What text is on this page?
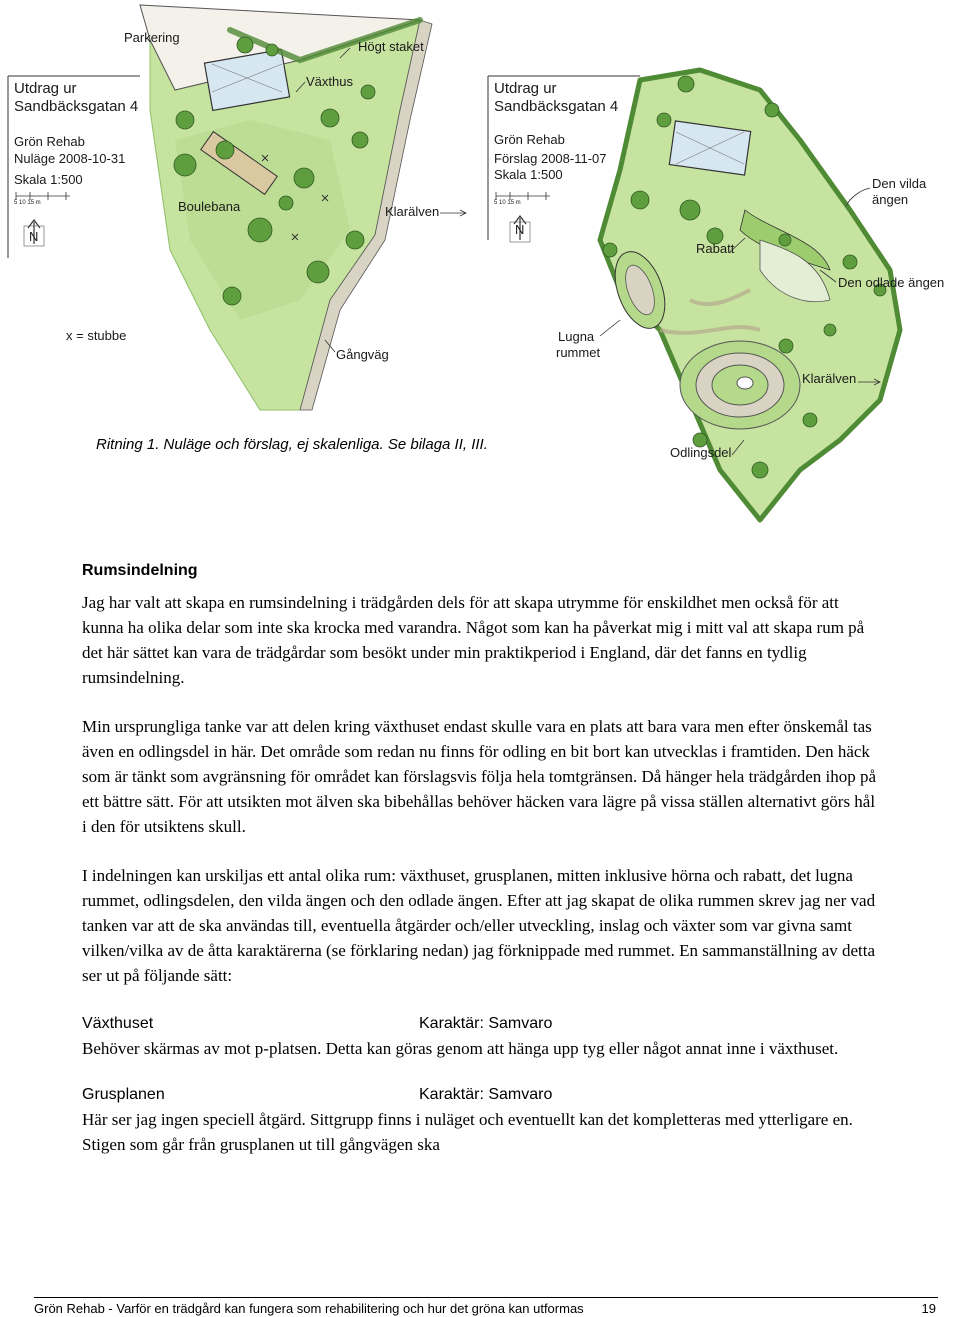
Parkering
Högt staket
Växthus
Utdrag ur
Sandbäcksgatan 4
Grön Rehab
Nuläge 2008-10-31
Skala 1:500
5 10 15 m
N
Boulebana	Klarälven
x = stubbe
Gångväg
Utdrag ur
Sandbäcksgatan 4
Grön Rehab
Förslag 2008-11-07
Skala 1:500
5 10 15 m
N
Den vilda
ängen
Rabatt
Den odlade ängen
Lugna
rummet
Klarälven
Odlingsdel
Ritning 1. Nuläge och förslag, ej skalenliga. Se bilaga II, III.
Rumsindelning

Jag har valt att skapa en rumsindelning i trädgården dels för att skapa utrymme för enskildhet men också för att kunna ha olika delar som inte ska krocka med varandra. Något som kan ha påverkat mig i mitt val att skapa rum på det här sättet kan vara de trädgårdar som besökt under min praktikperiod i England, där det fanns en tydlig rumsindelning.

Min ursprungliga tanke var att delen kring växthuset endast skulle vara en plats att bara vara men efter önskemål tas även en odlingsdel in här. Det område som redan nu finns för odling en bit bort kan utvecklas i framtiden. Den häck som är tänkt som avgränsning för området kan förslagsvis följa hela tomtgränsen. Då hänger hela trädgården ihop på ett bättre sätt. För att utsikten mot älven ska bibehållas behöver häcken vara lägre på vissa ställen alternativt görs hål i den för utsiktens skull.

I indelningen kan urskiljas ett antal olika rum: växthuset, grusplanen, mitten inklusive hörna och rabatt, det lugna rummet, odlingsdelen, den vilda ängen och den odlade ängen. Efter att jag skapat de olika rummen skrev jag ner vad tanken var att de ska användas till, eventuella åtgärder och/eller utveckling, inslag och växter som var givna samt vilken/vilka av de åtta karaktärerna (se förklaring nedan) jag förknippade med rummet. En sammanställning av detta ser ut på följande sätt:

Växthuset	Karaktär: Samvaro
Behöver skärmas av mot p-platsen. Detta kan göras genom att hänga upp tyg eller något annat inne i växthuset.
Grusplanen	Karaktär: Samvaro
Här ser jag ingen speciell åtgärd. Sittgrupp finns i nuläget och eventuellt kan det kompletteras med ytterligare en. Stigen som går från grusplanen ut till gångvägen ska
Grön Rehab - Varför en trädgård kan fungera som rehabilitering och hur det gröna kan utformas	19
